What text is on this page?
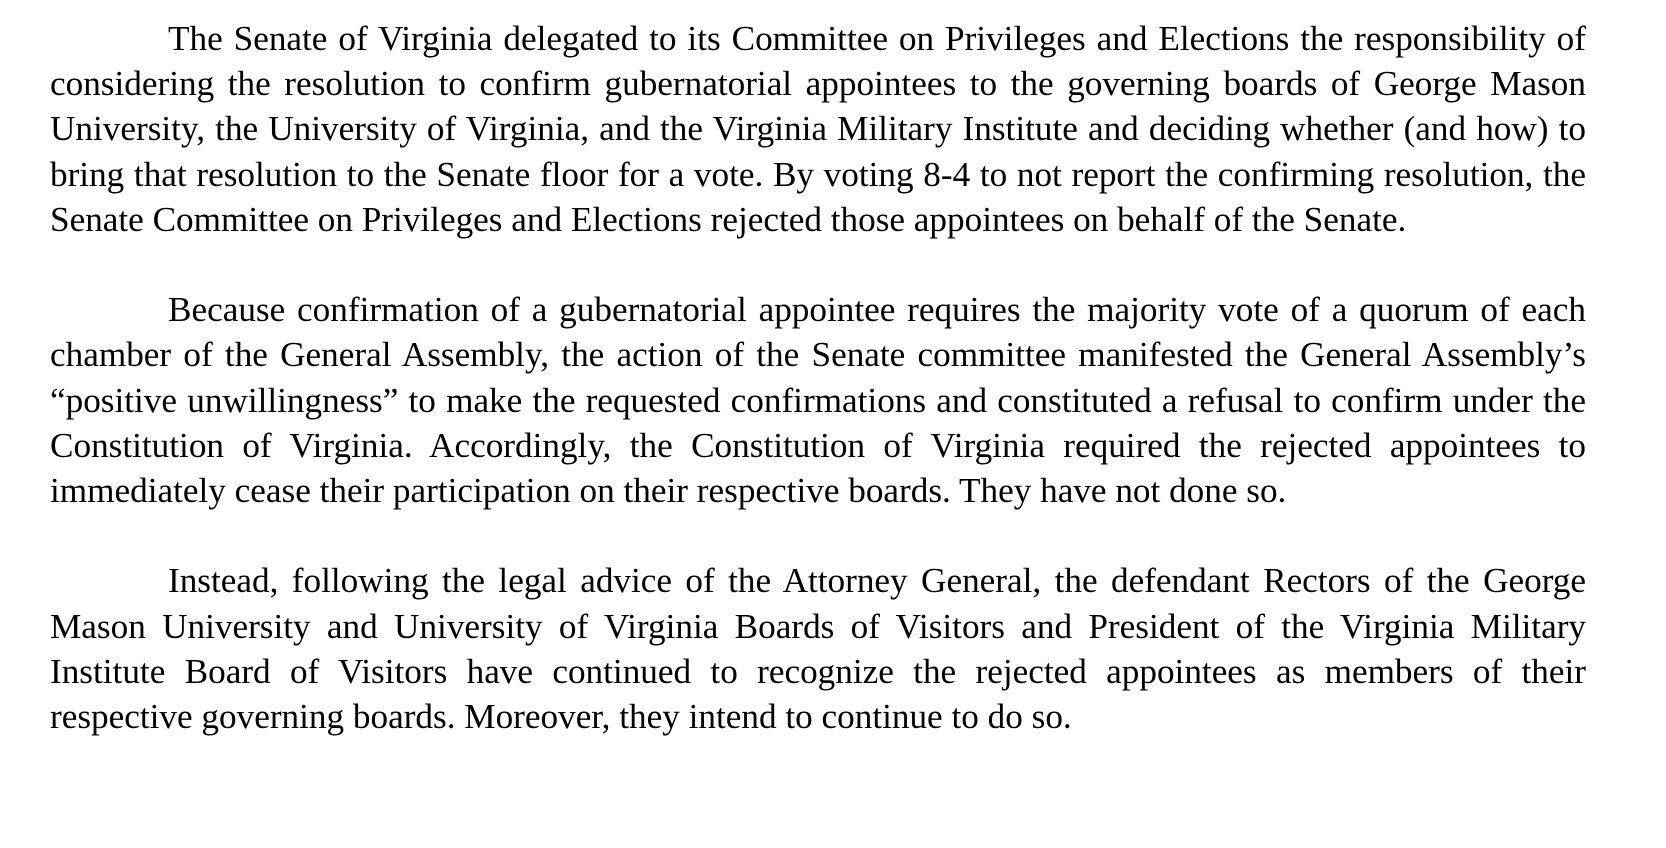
The Senate of Virginia delegated to its Committee on Privileges and Elections the responsibility of considering the resolution to confirm gubernatorial appointees to the governing boards of George Mason University, the University of Virginia, and the Virginia Military Institute and deciding whether (and how) to bring that resolution to the Senate floor for a vote. By voting 8-4 to not report the confirming resolution, the Senate Committee on Privileges and Elections rejected those appointees on behalf of the Senate.

Because confirmation of a gubernatorial appointee requires the majority vote of a quorum of each chamber of the General Assembly, the action of the Senate committee manifested the General Assembly’s “positive unwillingness” to make the requested confirmations and constituted a refusal to confirm under the Constitution of Virginia. Accordingly, the Constitution of Virginia required the rejected appointees to immediately cease their participation on their respective boards. They have not done so.

Instead, following the legal advice of the Attorney General, the defendant Rectors of the George Mason University and University of Virginia Boards of Visitors and President of the Virginia Military Institute Board of Visitors have continued to recognize the rejected appointees as members of their respective governing boards. Moreover, they intend to continue to do so.
